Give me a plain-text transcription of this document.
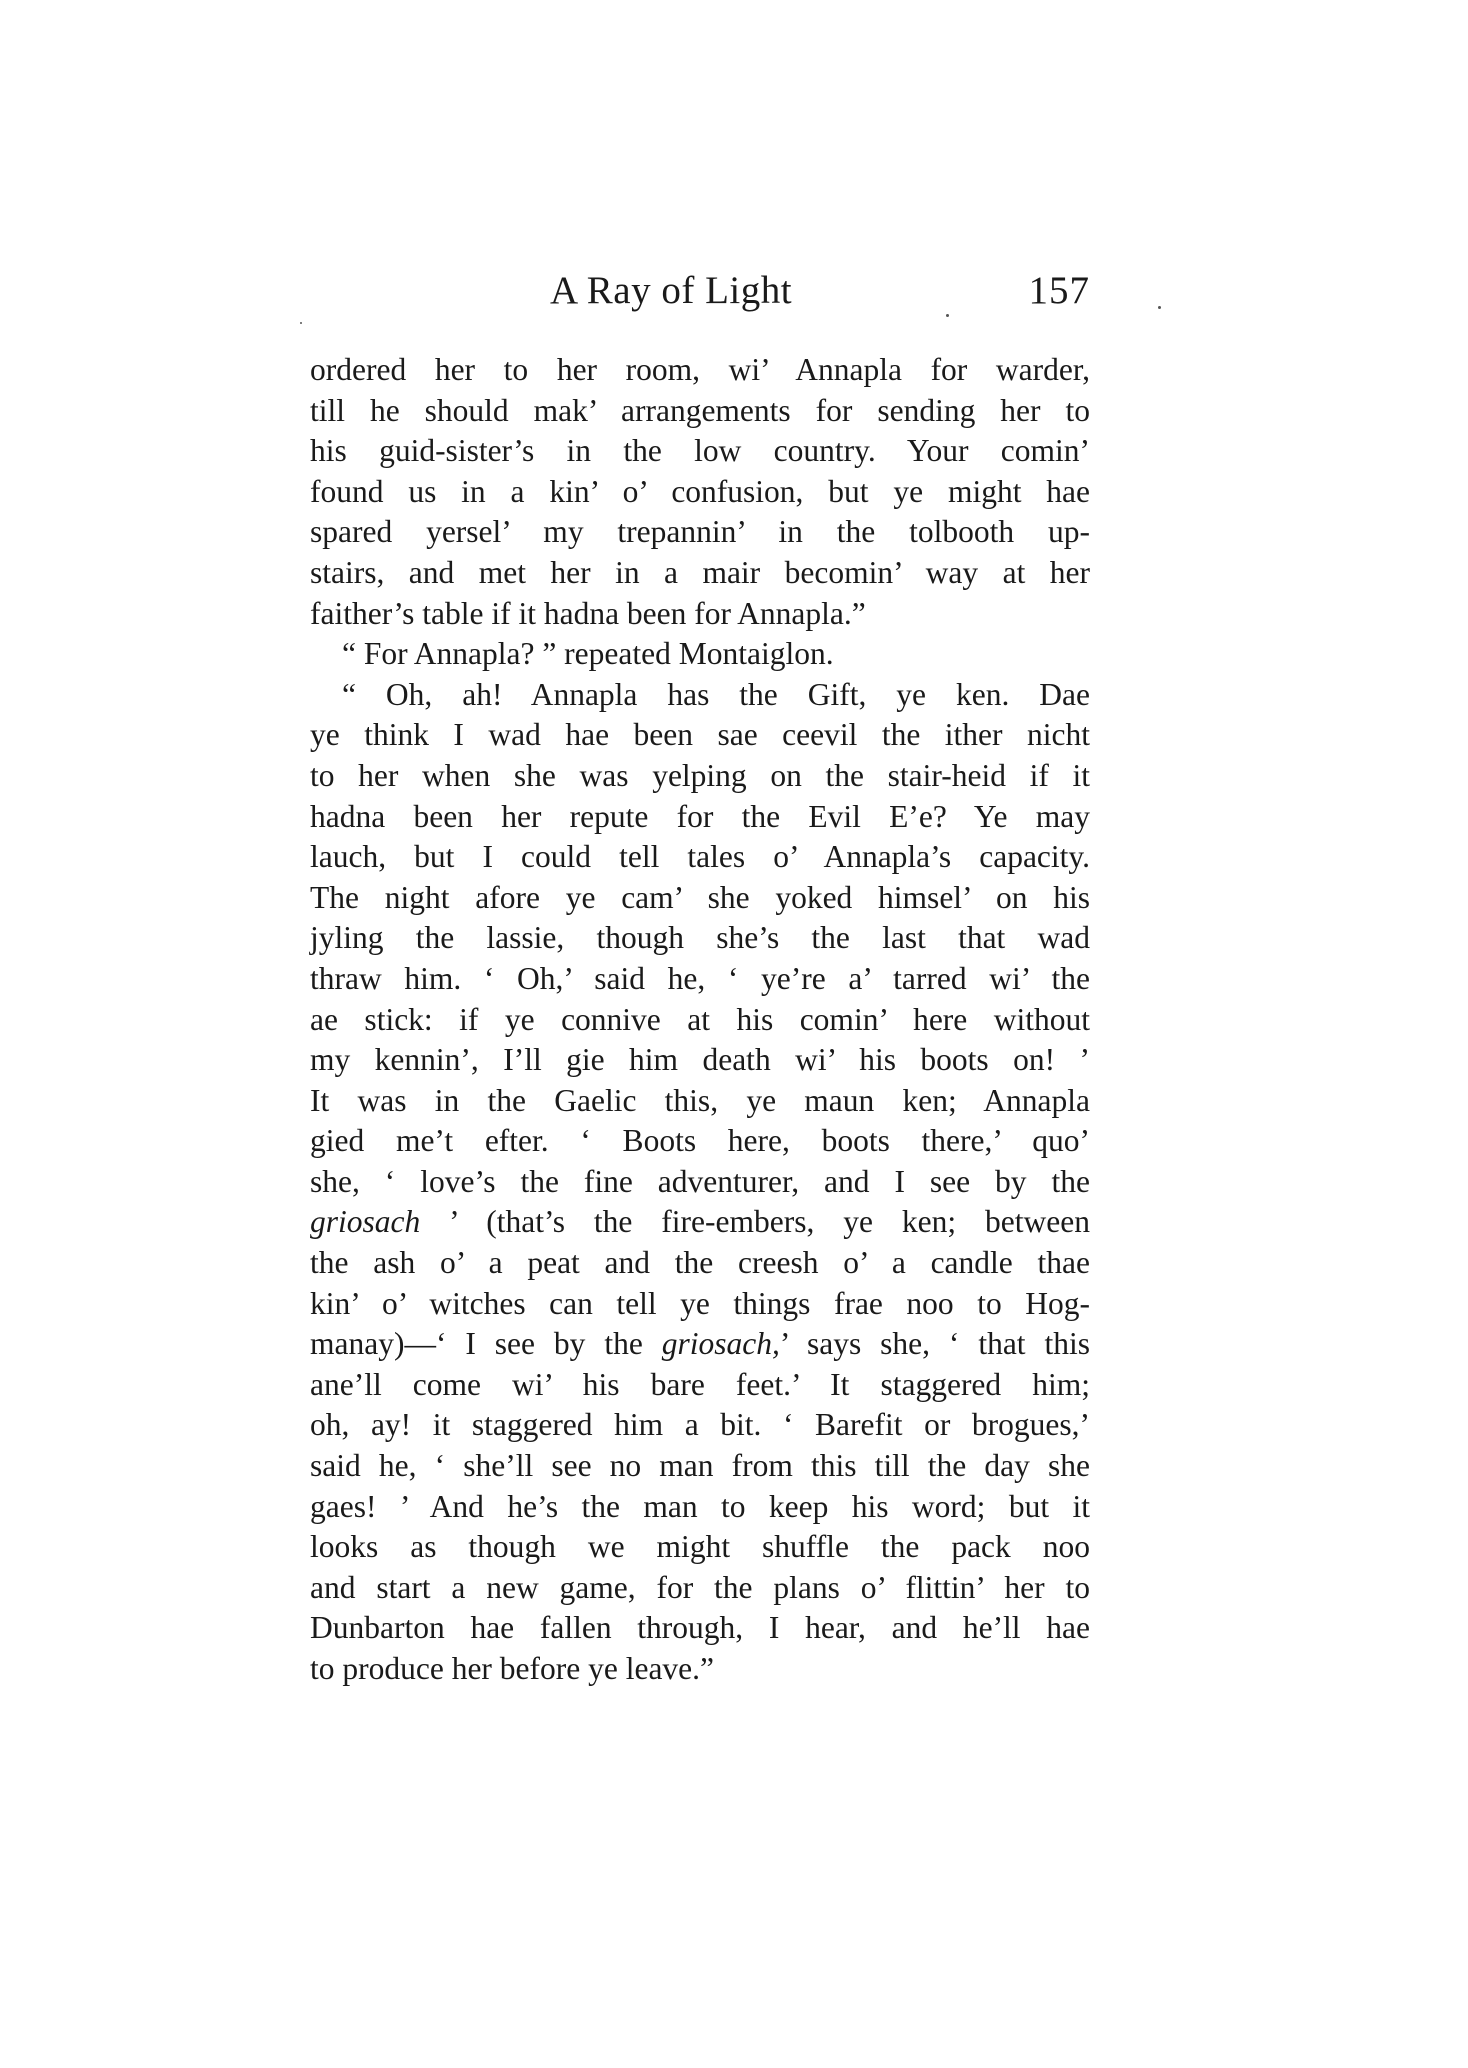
A Ray of Light	157
ordered her to her room, wi’ Annapla for warder,
till he should mak’ arrangements for sending her to
his guid-sister’s in the low country. Your comin’
found us in a kin’ o’ confusion, but ye might hae
spared yersel’ my trepannin’ in the tolbooth up-
stairs, and met her in a mair becomin’ way at her
faither’s table if it hadna been for Annapla.”
“ For Annapla? ” repeated Montaiglon.
“ Oh, ah! Annapla has the Gift, ye ken. Dae
ye think I wad hae been sae ceevil the ither nicht
to her when she was yelping on the stair-heid if it
hadna been her repute for the Evil E’e? Ye may
lauch, but I could tell tales o’ Annapla’s capacity.
The night afore ye cam’ she yoked himsel’ on his
jyling the lassie, though she’s the last that wad
thraw him. ‘ Oh,’ said he, ‘ ye’re a’ tarred wi’ the
ae stick: if ye connive at his comin’ here without
my kennin’, I’ll gie him death wi’ his boots on! ’
It was in the Gaelic this, ye maun ken; Annapla
gied me’t efter. ‘ Boots here, boots there,’ quo’
she, ‘ love’s the fine adventurer, and I see by the
griosach ’ (that’s the fire-embers, ye ken; between
the ash o’ a peat and the creesh o’ a candle thae
kin’ o’ witches can tell ye things frae noo to Hog-
manay)—‘ I see by the griosach,’ says she, ‘ that this
ane’ll come wi’ his bare feet.’ It staggered him;
oh, ay! it staggered him a bit. ‘ Barefit or brogues,’
said he, ‘ she’ll see no man from this till the day she
gaes! ’ And he’s the man to keep his word; but it
looks as though we might shuffle the pack noo
and start a new game, for the plans o’ flittin’ her to
Dunbarton hae fallen through, I hear, and he’ll hae
to produce her before ye leave.”
